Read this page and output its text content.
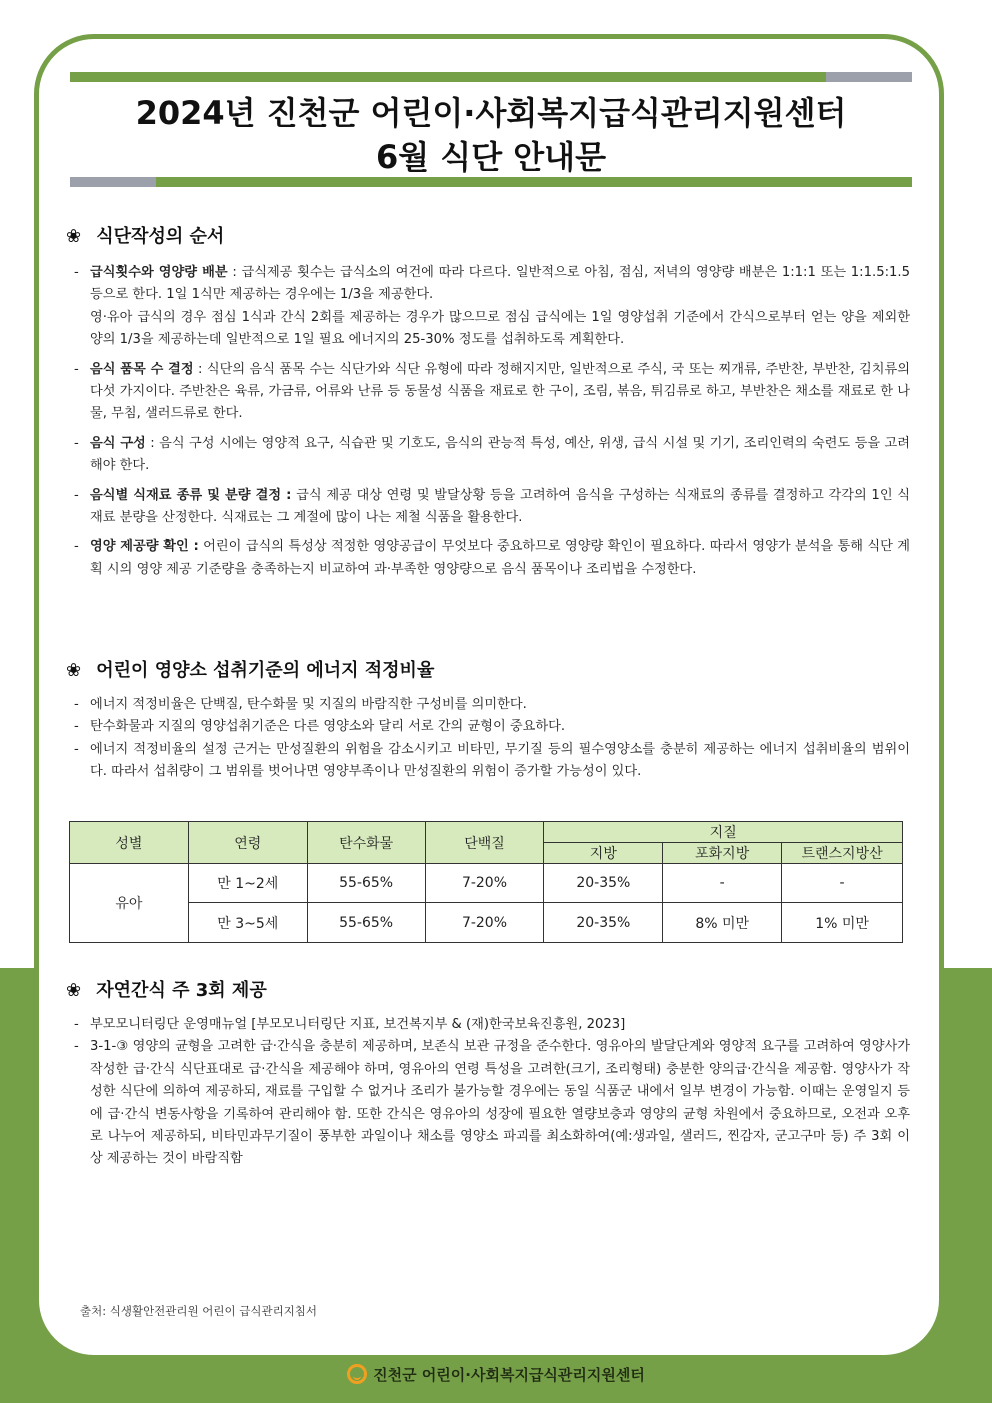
2024년 진천군 어린이·사회복지급식관리지원센터
6월 식단 안내문
❀ 식단작성의 순서
- 급식횟수와 영양량 배분 : 급식제공 횟수는 급식소의 여건에 따라 다르다. 일반적으로 아침, 점심, 저녁의 영양량 배분은 1:1:1 또는 1:1.5:1.5 등으로 한다. 1일 1식만 제공하는 경우에는 1/3을 제공한다.
영·유아 급식의 경우 점심 1식과 간식 2회를 제공하는 경우가 많으므로 점심 급식에는 1일 영양섭취 기준에서 간식으로부터 얻는 양을 제외한 양의 1/3을 제공하는데 일반적으로 1일 필요 에너지의 25-30% 정도를 섭취하도록 계획한다.
- 음식 품목 수 결정 : 식단의 음식 품목 수는 식단가와 식단 유형에 따라 정해지지만, 일반적으로 주식, 국 또는 찌개류, 주반찬, 부반찬, 김치류의 다섯 가지이다. 주반찬은 육류, 가금류, 어류와 난류 등 동물성 식품을 재료로 한 구이, 조림, 볶음, 튀김류로 하고, 부반찬은 채소를 재료로 한 나물, 무침, 샐러드류로 한다.
- 음식 구성 : 음식 구성 시에는 영양적 요구, 식습관 및 기호도, 음식의 관능적 특성, 예산, 위생, 급식 시설 및 기기, 조리인력의 숙련도 등을 고려해야 한다.
- 음식별 식재료 종류 및 분량 결정 : 급식 제공 대상 연령 및 발달상황 등을 고려하여 음식을 구성하는 식재료의 종류를 결정하고 각각의 1인 식재료 분량을 산정한다. 식재료는 그 계절에 많이 나는 제철 식품을 활용한다.
- 영양 제공량 확인 : 어린이 급식의 특성상 적정한 영양공급이 무엇보다 중요하므로 영양량 확인이 필요하다. 따라서 영양가 분석을 통해 식단 계획 시의 영양 제공 기준량을 충족하는지 비교하여 과·부족한 영양량으로 음식 품목이나 조리법을 수정한다.
❀ 어린이 영양소 섭취기준의 에너지 적정비율
- 에너지 적정비율은 단백질, 탄수화물 및 지질의 바람직한 구성비를 의미한다.
- 탄수화물과 지질의 영양섭취기준은 다른 영양소와 달리 서로 간의 균형이 중요하다.
- 에너지 적정비율의 설정 근거는 만성질환의 위험을 감소시키고 비타민, 무기질 등의 필수영양소를 충분히 제공하는 에너지 섭취비율의 범위이다. 따라서 섭취량이 그 범위를 벗어나면 영양부족이나 만성질환의 위험이 증가할 가능성이 있다.
성별	연령	탄수화물	단백질	지질		
				지방	포화지방	트랜스지방산
유아	만 1~2세	55-65%	7-20%	20-35%	-	-
	만 3~5세	55-65%	7-20%	20-35%	8% 미만	1% 미만
❀ 자연간식 주 3회 제공
- 부모모니터링단 운영매뉴얼 [부모모니터링단 지표, 보건복지부 & (재)한국보육진흥원, 2023]
- 3-1-③ 영양의 균형을 고려한 급·간식을 충분히 제공하며, 보존식 보관 규정을 준수한다. 영유아의 발달단계와 영양적 요구를 고려하여 영양사가 작성한 급·간식 식단표대로 급·간식을 제공해야 하며, 영유아의 연령 특성을 고려한(크기, 조리형태) 충분한 양의급·간식을 제공함. 영양사가 작성한 식단에 의하여 제공하되, 재료를 구입할 수 없거나 조리가 불가능할 경우에는 동일 식품군 내에서 일부 변경이 가능함. 이때는 운영일지 등에 급·간식 변동사항을 기록하여 관리해야 함. 또한 간식은 영유아의 성장에 필요한 열량보충과 영양의 균형 차원에서 중요하므로, 오전과 오후로 나누어 제공하되, 비타민과무기질이 풍부한 과일이나 채소를 영양소 파괴를 최소화하여(예:생과일, 샐러드, 찐감자, 군고구마 등) 주 3회 이상 제공하는 것이 바람직함
출처: 식생활안전관리원 어린이 급식관리지침서
진천군 어린이·사회복지급식관리지원센터
